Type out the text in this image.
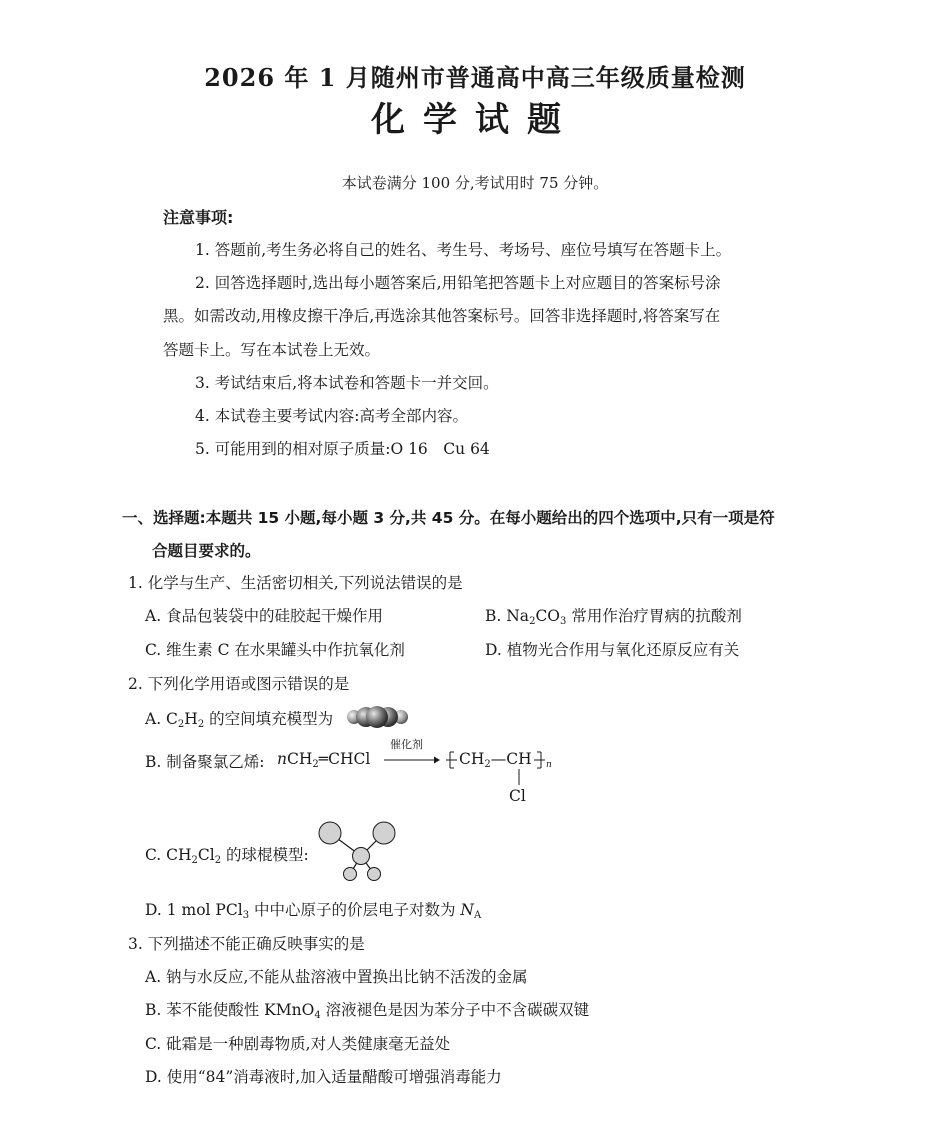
2026 年 1 月随州市普通高中高三年级质量检测
化学试题
本试卷满分 100 分,考试用时 75 分钟。
注意事项:
1. 答题前,考生务必将自己的姓名、考生号、考场号、座位号填写在答题卡上。
2. 回答选择题时,选出每小题答案后,用铅笔把答题卡上对应题目的答案标号涂
黑。如需改动,用橡皮擦干净后,再选涂其他答案标号。回答非选择题时,将答案写在
答题卡上。写在本试卷上无效。
3. 考试结束后,将本试卷和答题卡一并交回。
4. 本试卷主要考试内容:高考全部内容。
5. 可能用到的相对原子质量:O 16　Cu 64
一、选择题:本题共 15 小题,每小题 3 分,共 45 分。在每小题给出的四个选项中,只有一项是符
合题目要求的。
1. 化学与生产、生活密切相关,下列说法错误的是
A. 食品包装袋中的硅胶起干燥作用	B. $Na_2CO_3$ 常用作治疗胃病的抗酸剂
C. 维生素 C 在水果罐头中作抗氧化剂	D. 植物光合作用与氧化还原反应有关
2. 下列化学用语或图示错误的是
A. $C_2H_2$ 的空间填充模型为
B. 制备聚氯乙烯: nCH$_2$═CHCl
催化剂
→ $CH_2—CH$ n
Cl
C. $CH_2Cl_2$ 的球棍模型:
D. 1 mol PCl$_3$ 中中心原子的价层电子对数为 $N_A$
3. 下列描述不能正确反映事实的是
A. 钠与水反应,不能从盐溶液中置换出比钠不活泼的金属
B. 苯不能使酸性 KMnO$_4$ 溶液褪色是因为苯分子中不含碳碳双键
C. 砒霜是一种剧毒物质,对人类健康毫无益处
D. 使用“84”消毒液时,加入适量醋酸可增强消毒能力
